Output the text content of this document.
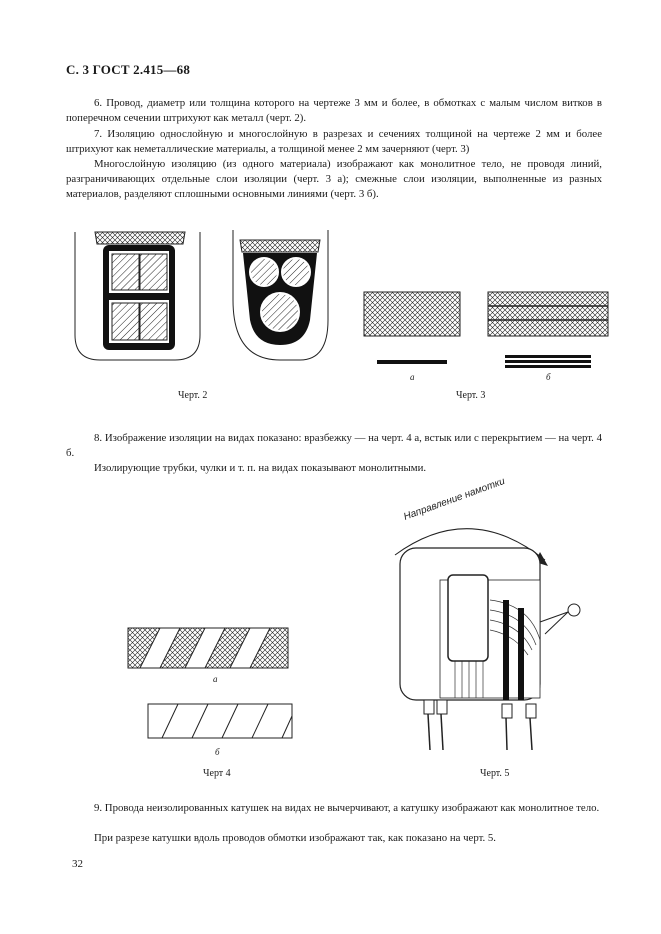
С. 3 ГОСТ 2.415—68

6. Провод, диаметр или толщина которого на чертеже 3 мм и более, в обмотках с малым числом витков в поперечном сечении штрихуют как металл (черт. 2).

7. Изоляцию однослойную и многослойную в разрезах и сечениях толщиной на чертеже 2 мм и более штрихуют как неметаллические материалы, а толщиной менее 2 мм зачерняют (черт. 3)

Многослойную изоляцию (из одного материала) изображают как монолитное тело, не проводя линий, разграничивающих отдельные слои изоляции (черт. 3 а); смежные слои изоляции, выполненные из разных материалов, разделяют сплошными основными линиями (черт. 3 б).

а	б
а
б
Направление намотки
Черт. 2	Черт. 3

8. Изображение изоляции на видах показано: вразбежку — на черт. 4 а, встык или с перекрытием — на черт. 4 б.

Изолирующие трубки, чулки и т. п. на видах показывают монолитными.

Черт 4	Черт. 5

9. Провода неизолированных катушек на видах не вычерчивают, а катушку изображают как монолитное тело.

При разрезе катушки вдоль проводов обмотки изображают так, как показано на черт. 5.

32
